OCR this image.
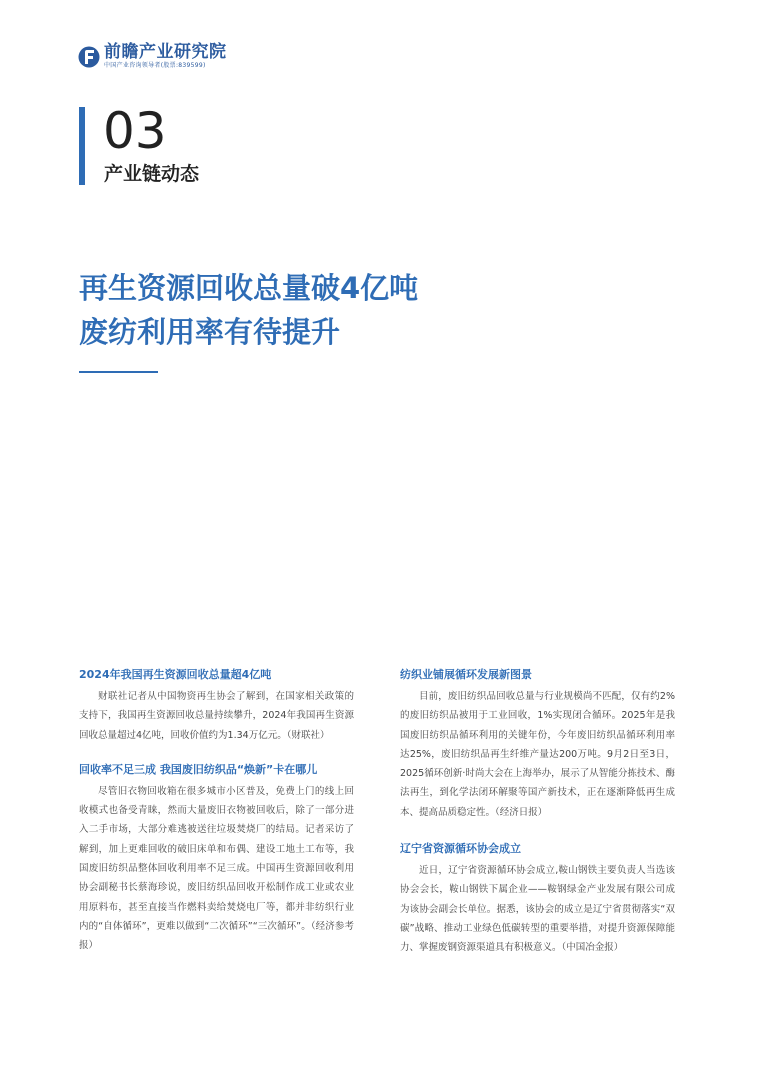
前瞻产业研究院
中国产业咨询领导者(股票:839599)
03
产业链动态
再生资源回收总量破4亿吨
废纺利用率有待提升
2024年我国再生资源回收总量超4亿吨

财联社记者从中国物资再生协会了解到，在国家相关政策的支持下，我国再生资源回收总量持续攀升，2024年我国再生资源回收总量超过4亿吨，回收价值约为1.34万亿元。（财联社）

回收率不足三成 我国废旧纺织品“焕新”卡在哪儿

尽管旧衣物回收箱在很多城市小区普及，免费上门的线上回收模式也备受青睐，然而大量废旧衣物被回收后，除了一部分进入二手市场，大部分难逃被送往垃圾焚烧厂的结局。记者采访了解到，加上更难回收的破旧床单和布偶、建设工地土工布等，我国废旧纺织品整体回收利用率不足三成。中国再生资源回收利用协会副秘书长蔡海珍说，废旧纺织品回收开松制作成工业或农业用原料布，甚至直接当作燃料卖给焚烧电厂等，都并非纺织行业内的“自体循环”，更难以做到“二次循环”“三次循环”。（经济参考报）

纺织业铺展循环发展新图景

目前，废旧纺织品回收总量与行业规模尚不匹配，仅有约2%的废旧纺织品被用于工业回收，1%实现闭合循环。2025年是我国废旧纺织品循环利用的关键年份，今年废旧纺织品循环利用率达25%，废旧纺织品再生纤维产量达200万吨。9月2日至3日，2025循环创新·时尚大会在上海举办，展示了从智能分拣技术、酶法再生，到化学法闭环解聚等国产新技术，正在逐渐降低再生成本、提高品质稳定性。（经济日报）

辽宁省资源循环协会成立

近日，辽宁省资源循环协会成立,鞍山钢铁主要负责人当选该协会会长，鞍山钢铁下属企业——鞍钢绿金产业发展有限公司成为该协会副会长单位。据悉，该协会的成立是辽宁省贯彻落实“双碳”战略、推动工业绿色低碳转型的重要举措，对提升资源保障能力、掌握废钢资源渠道具有积极意义。（中国冶金报）
